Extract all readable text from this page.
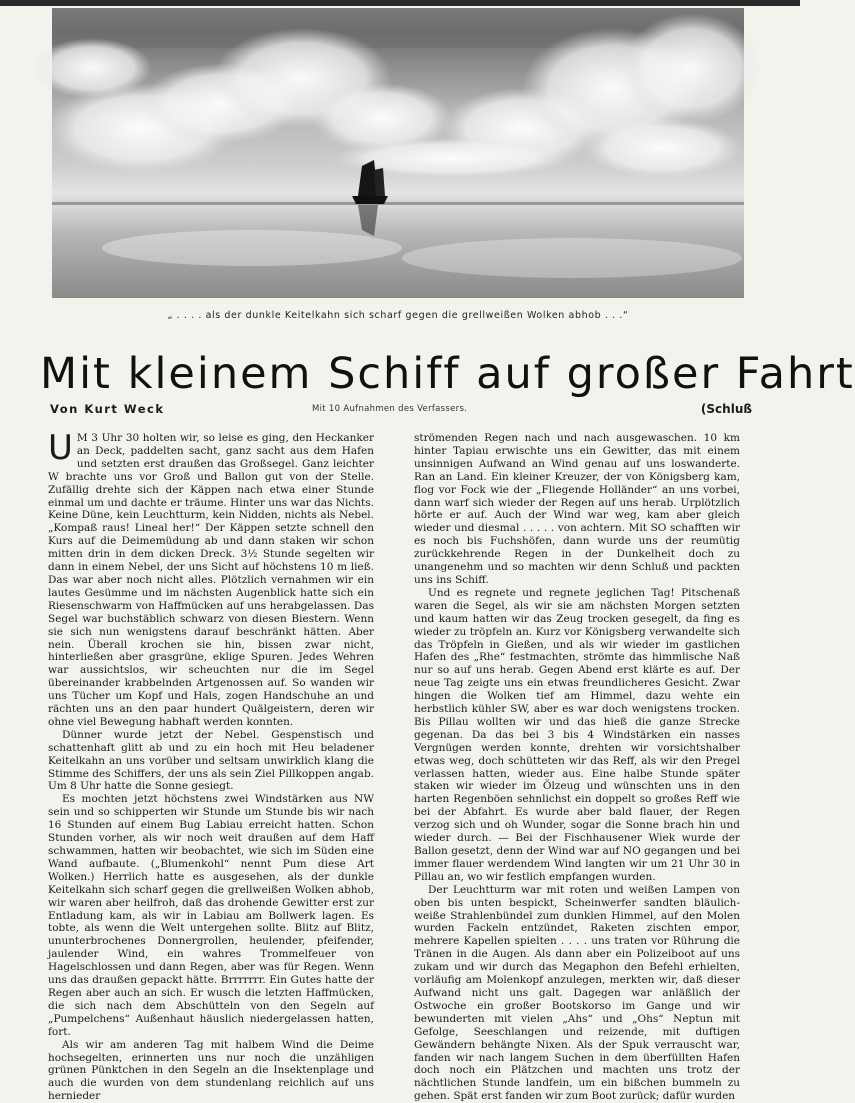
„ . . . . als der dunkle Keitelkahn sich scharf gegen die grellweißen Wolken abhob . . .“
Mit kleinem Schiff auf großer Fahrt
Von Kurt Weck	Mit 10 Aufnahmen des Verfassers.	(Schluß

U M 3 Uhr 30 holten wir, so leise es ging, den Heckanker an Deck, paddelten sacht, ganz sacht aus dem Hafen und setzten erst draußen das Großsegel. Ganz leichter W brachte uns vor Groß und Ballon gut von der Stelle. Zufällig drehte sich der Käppen nach etwa einer Stunde einmal um und dachte er träume. Hinter uns war das Nichts. Keine Düne, kein Leuchtturm, kein Nidden, nichts als Nebel. „Kompaß raus! Lineal her!“ Der Käppen setzte schnell den Kurs auf die Deimemüdung ab und dann staken wir schon mitten drin in dem dicken Dreck. 3½ Stunde segelten wir dann in einem Nebel, der uns Sicht auf höchstens 10 m ließ. Das war aber noch nicht alles. Plötzlich vernahmen wir ein lautes Gesümme und im nächsten Augenblick hatte sich ein Riesenschwarm von Haffmücken auf uns herabgelassen. Das Segel war buchstäblich schwarz von diesen Biestern. Wenn sie sich nun wenigstens darauf beschränkt hätten. Aber nein. Überall krochen sie hin, bissen zwar nicht, hinterließen aber grasgrüne, eklige Spuren. Jedes Wehren war aussichtslos, wir scheuchten nur die im Segel übereinander krabbelnden Artgenossen auf. So wanden wir uns Tücher um Kopf und Hals, zogen Handschuhe an und rächten uns an den paar hundert Quälgeistern, deren wir ohne viel Bewegung habhaft werden konnten.

Dünner wurde jetzt der Nebel. Gespenstisch und schattenhaft glitt ab und zu ein hoch mit Heu beladener Keitelkahn an uns vorüber und seltsam unwirklich klang die Stimme des Schiffers, der uns als sein Ziel Pillkoppen angab. Um 8 Uhr hatte die Sonne gesiegt.

Es mochten jetzt höchstens zwei Windstärken aus NW sein und so schipperten wir Stunde um Stunde bis wir nach 16 Stunden auf einem Bug Labiau erreicht hatten. Schon Stunden vorher, als wir noch weit draußen auf dem Haff schwammen, hatten wir beobachtet, wie sich im Süden eine Wand aufbaute. („Blumenkohl“ nennt Pum diese Art Wolken.) Herrlich hatte es ausgesehen, als der dunkle Keitelkahn sich scharf gegen die grellweißen Wolken abhob, wir waren aber heilfroh, daß das drohende Gewitter erst zur Entladung kam, als wir in Labiau am Bollwerk lagen. Es tobte, als wenn die Welt untergehen sollte. Blitz auf Blitz, ununterbrochenes Donnergrollen, heulender, pfeifender, jaulender Wind, ein wahres Trommelfeuer von Hagelschlossen und dann Regen, aber was für Regen. Wenn uns das draußen gepackt hätte. Brrrrrrr. Ein Gutes hatte der Regen aber auch an sich. Er wusch die letzten Haffmücken, die sich nach dem Abschütteln von den Segeln auf „Pumpelchens“ Außenhaut häuslich niedergelassen hatten, fort.

Als wir am anderen Tag mit halbem Wind die Deime hochsegelten, erinnerten uns nur noch die unzähligen grünen Pünktchen in den Segeln an die Insektenplage und auch die wurden von dem stundenlang reichlich auf uns hernieder

strömenden Regen nach und nach ausgewaschen. 10 km hinter Tapiau erwischte uns ein Gewitter, das mit einem unsinnigen Aufwand an Wind genau auf uns loswanderte. Ran an Land. Ein kleiner Kreuzer, der von Königsberg kam, flog vor Fock wie der „Fliegende Holländer“ an uns vorbei, dann warf sich wieder der Regen auf uns herab. Urplötzlich hörte er auf. Auch der Wind war weg, kam aber gleich wieder und diesmal . . . . . von achtern. Mit SO schafften wir es noch bis Fuchshöfen, dann wurde uns der reumütig zurückkehrende Regen in der Dunkelheit doch zu unangenehm und so machten wir denn Schluß und packten uns ins Schiff.

Und es regnete und regnete jeglichen Tag! Pitschenaß waren die Segel, als wir sie am nächsten Morgen setzten und kaum hatten wir das Zeug trocken gesegelt, da fing es wieder zu tröpfeln an. Kurz vor Königsberg verwandelte sich das Tröpfeln in Gießen, und als wir wieder im gastlichen Hafen des „Rhe“ festmachten, strömte das himmlische Naß nur so auf uns herab. Gegen Abend erst klärte es auf. Der neue Tag zeigte uns ein etwas freundlicheres Gesicht. Zwar hingen die Wolken tief am Himmel, dazu wehte ein herbstlich kühler SW, aber es war doch wenigstens trocken. Bis Pillau wollten wir und das hieß die ganze Strecke gegenan. Da das bei 3 bis 4 Windstärken ein nasses Vergnügen werden konnte, drehten wir vorsichtshalber etwas weg, doch schütteten wir das Reff, als wir den Pregel verlassen hatten, wieder aus. Eine halbe Stunde später staken wir wieder im Ölzeug und wünschten uns in den harten Regenböen sehnlichst ein doppelt so großes Reff wie bei der Abfahrt. Es wurde aber bald flauer, der Regen verzog sich und oh Wunder, sogar die Sonne brach hin und wieder durch. — Bei der Fischhausener Wiek wurde der Ballon gesetzt, denn der Wind war auf NO gegangen und bei immer flauer werdendem Wind langten wir um 21 Uhr 30 in Pillau an, wo wir festlich empfangen wurden.

Der Leuchtturm war mit roten und weißen Lampen von oben bis unten bespickt, Scheinwerfer sandten bläulich-weiße Strahlenbündel zum dunklen Himmel, auf den Molen wurden Fackeln entzündet, Raketen zischten empor, mehrere Kapellen spielten . . . . uns traten vor Rührung die Tränen in die Augen. Als dann aber ein Polizeiboot auf uns zukam und wir durch das Megaphon den Befehl erhielten, vorläufig am Molenkopf anzulegen, merkten wir, daß dieser Aufwand nicht uns galt. Dagegen war anläßlich der Ostwoche ein großer Bootskorso im Gange und wir bewunderten mit vielen „Ahs“ und „Ohs“ Neptun mit Gefolge, Seeschlangen und reizende, mit duftigen Gewändern behängte Nixen. Als der Spuk verrauscht war, fanden wir nach langem Suchen in dem überfüllten Hafen doch noch ein Plätzchen und machten uns trotz der nächtlichen Stunde landfein, um ein bißchen bummeln zu gehen. Spät erst fanden wir zum Boot zurück; dafür wurden
